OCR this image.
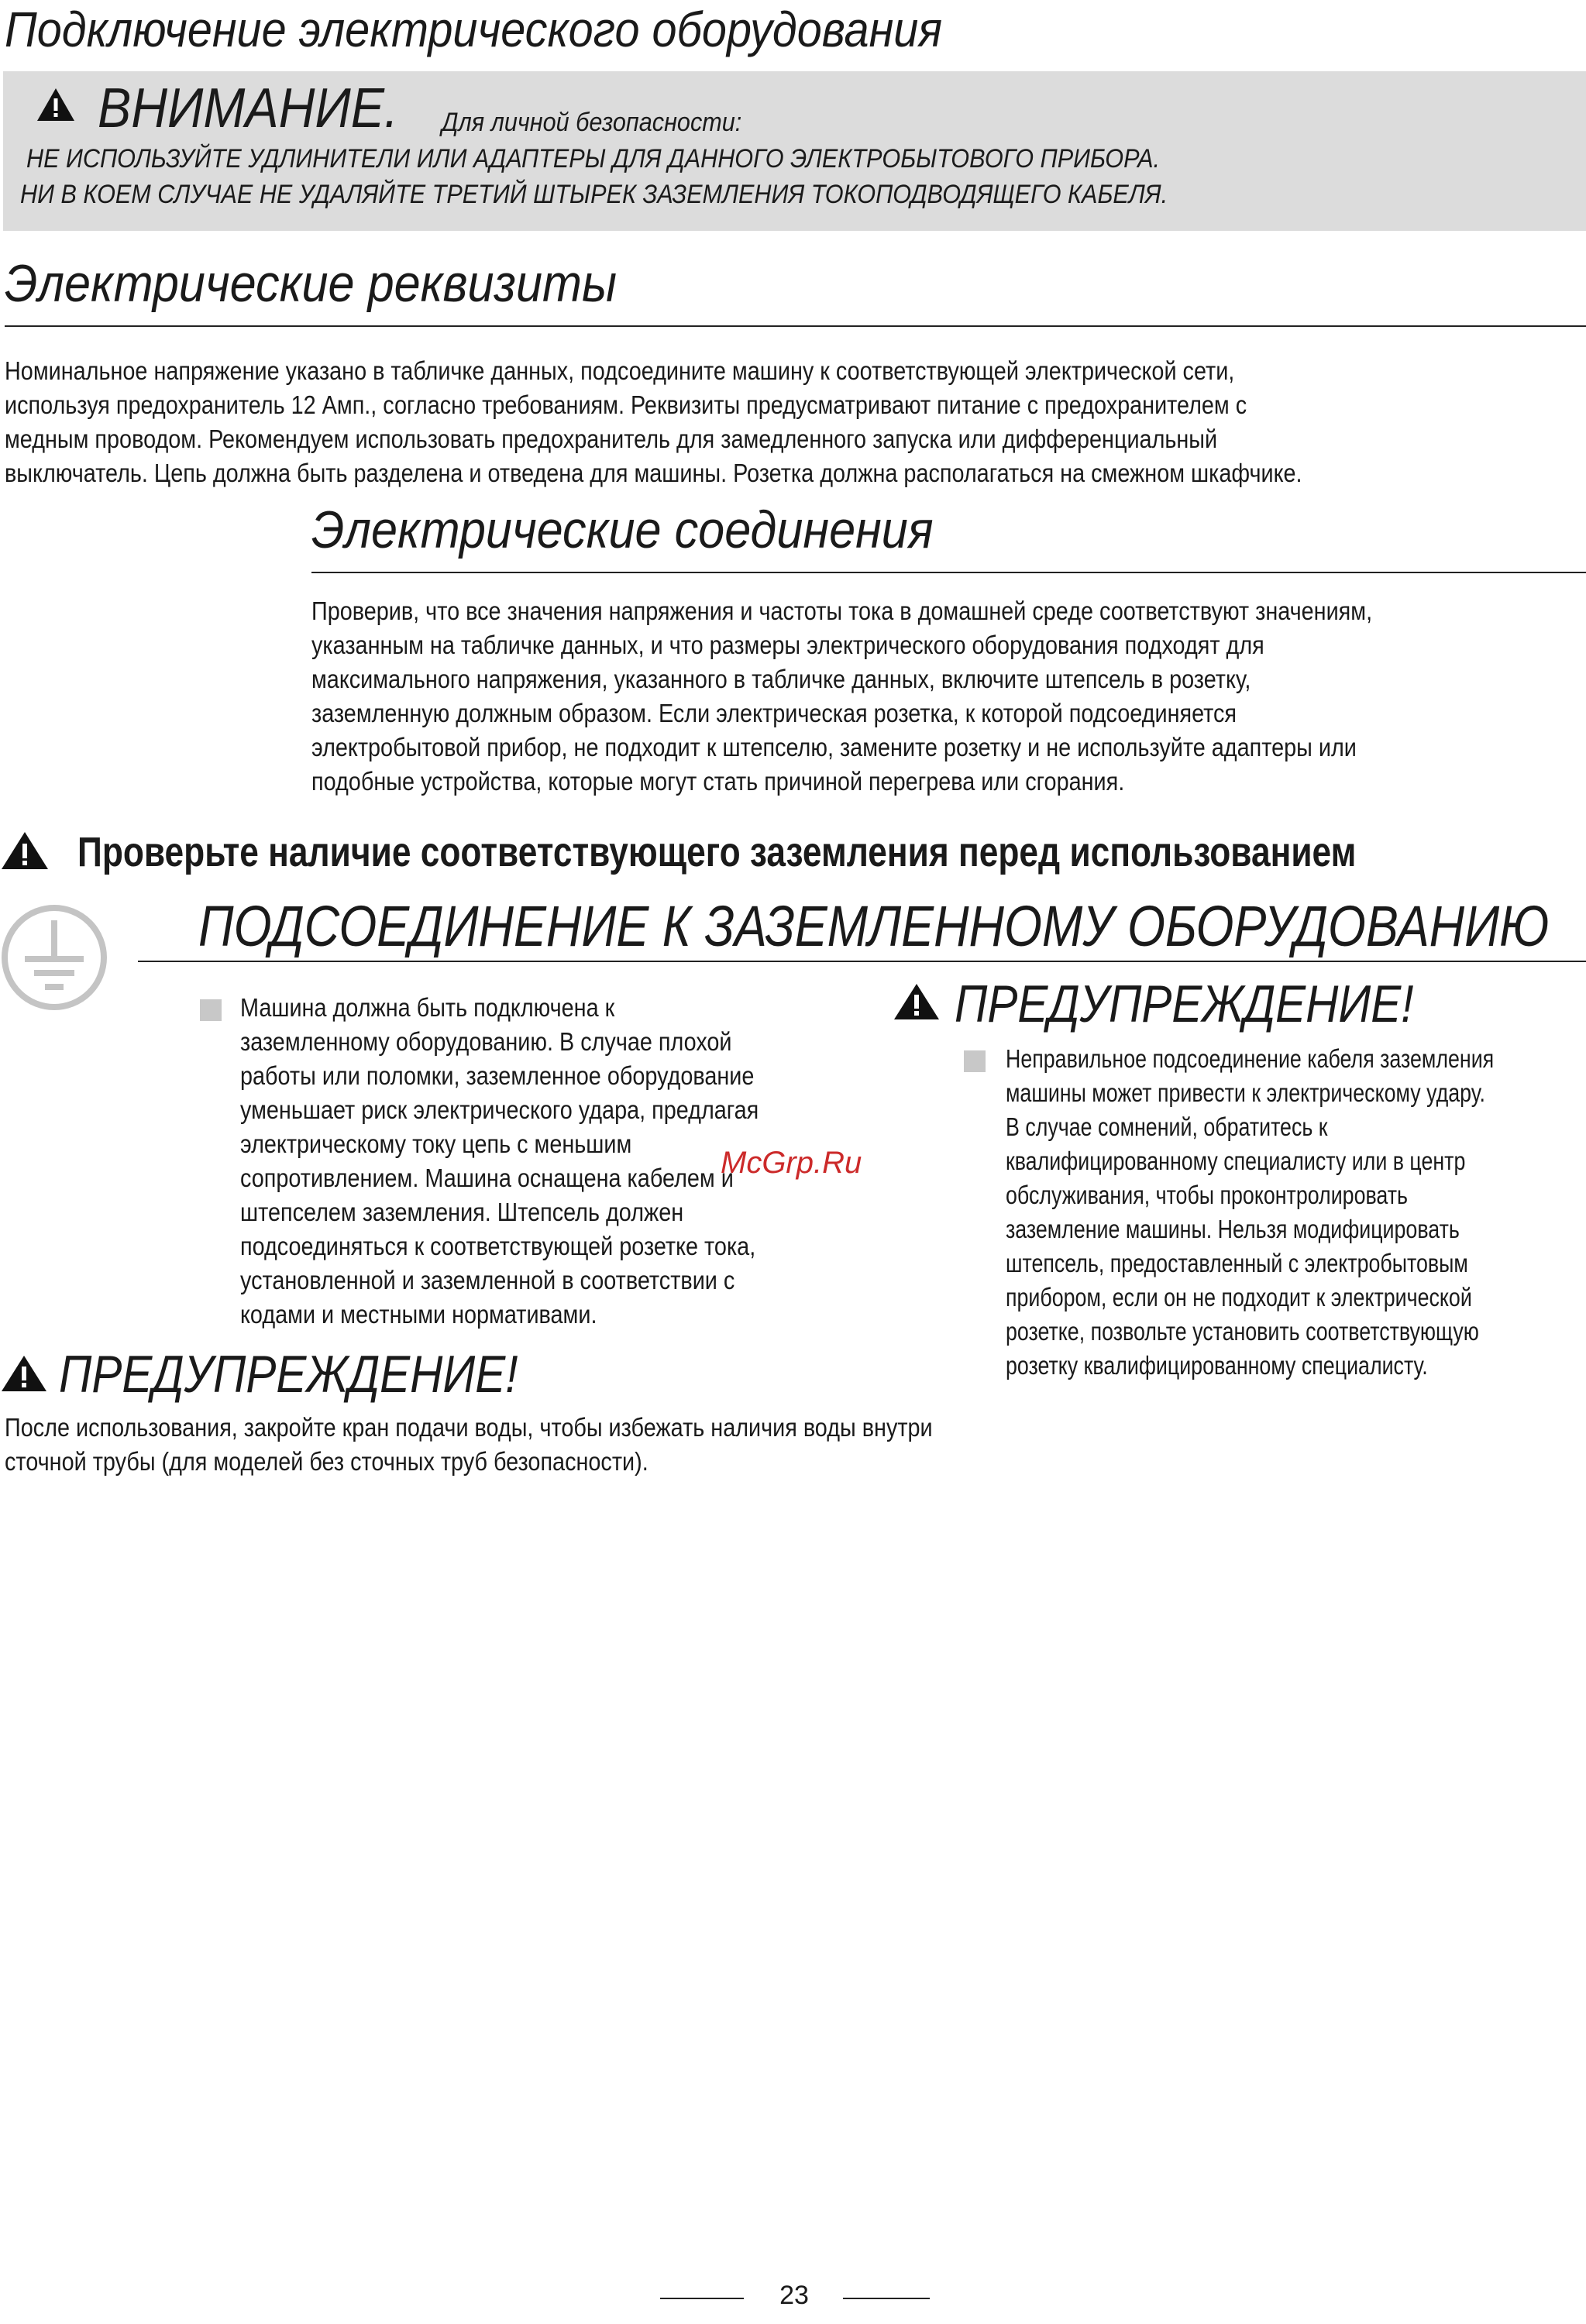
Подключение электрического оборудования
ВНИМАНИЕ. Для личной безопасности:
НЕ ИСПОЛЬЗУЙТЕ УДЛИНИТЕЛИ ИЛИ АДАПТЕРЫ ДЛЯ ДАННОГО ЭЛЕКТРОБЫТОВОГО ПРИБОРА.
НИ В КОЕМ СЛУЧАЕ НЕ УДАЛЯЙТЕ ТРЕТИЙ ШТЫРЕК ЗАЗЕМЛЕНИЯ ТОКОПОДВОДЯЩЕГО КАБЕЛЯ.
Электрические реквизиты
Номинальное напряжение указано в табличке данных, подсоедините машину к соответствующей электрической сети,
используя предохранитель 12 Амп., согласно требованиям. Реквизиты предусматривают питание с предохранителем с
медным проводом. Рекомендуем использовать предохранитель для замедленного запуска или дифференциальный
выключатель. Цепь должна быть разделена и отведена для машины. Розетка должна располагаться на смежном шкафчике.
Электрические соединения
Проверив, что все значения напряжения и частоты тока в домашней среде соответствуют значениям,
указанным на табличке данных, и что размеры электрического оборудования подходят для
максимального напряжения, указанного в табличке данных, включите штепсель в розетку,
заземленную должным образом. Если электрическая розетка, к которой подсоединяется
электробытовой прибор, не подходит к штепселю, замените розетку и не используйте адаптеры или
подобные устройства, которые могут стать причиной перегрева или сгорания.
Проверьте наличие соответствующего заземления перед использованием
ПОДСОЕДИНЕНИЕ К ЗАЗЕМЛЕННОМУ ОБОРУДОВАНИЮ
Машина должна быть подключена к
заземленному оборудованию. В случае плохой
работы или поломки, заземленное оборудование
уменьшает риск электрического удара, предлагая
электрическому току цепь с меньшим
сопротивлением. Машина оснащена кабелем и
штепселем заземления. Штепсель должен
подсоединяться к соответствующей розетке тока,
установленной и заземленной в соответствии с
кодами и местными нормативами.
McGrp.Ru
ПРЕДУПРЕЖДЕНИЕ!
Неправильное подсоединение кабеля заземления
машины может привести к электрическому удару.
В случае сомнений, обратитесь к
квалифицированному специалисту или в центр
обслуживания, чтобы проконтролировать
заземление машины. Нельзя модифицировать
штепсель, предоставленный с электробытовым
прибором, если он не подходит к электрической
розетке, позвольте установить соответствующую
розетку квалифицированному специалисту.
ПРЕДУПРЕЖДЕНИЕ!
После использования, закройте кран подачи воды, чтобы избежать наличия воды внутри
сточной трубы (для моделей без сточных труб безопасности).
23
